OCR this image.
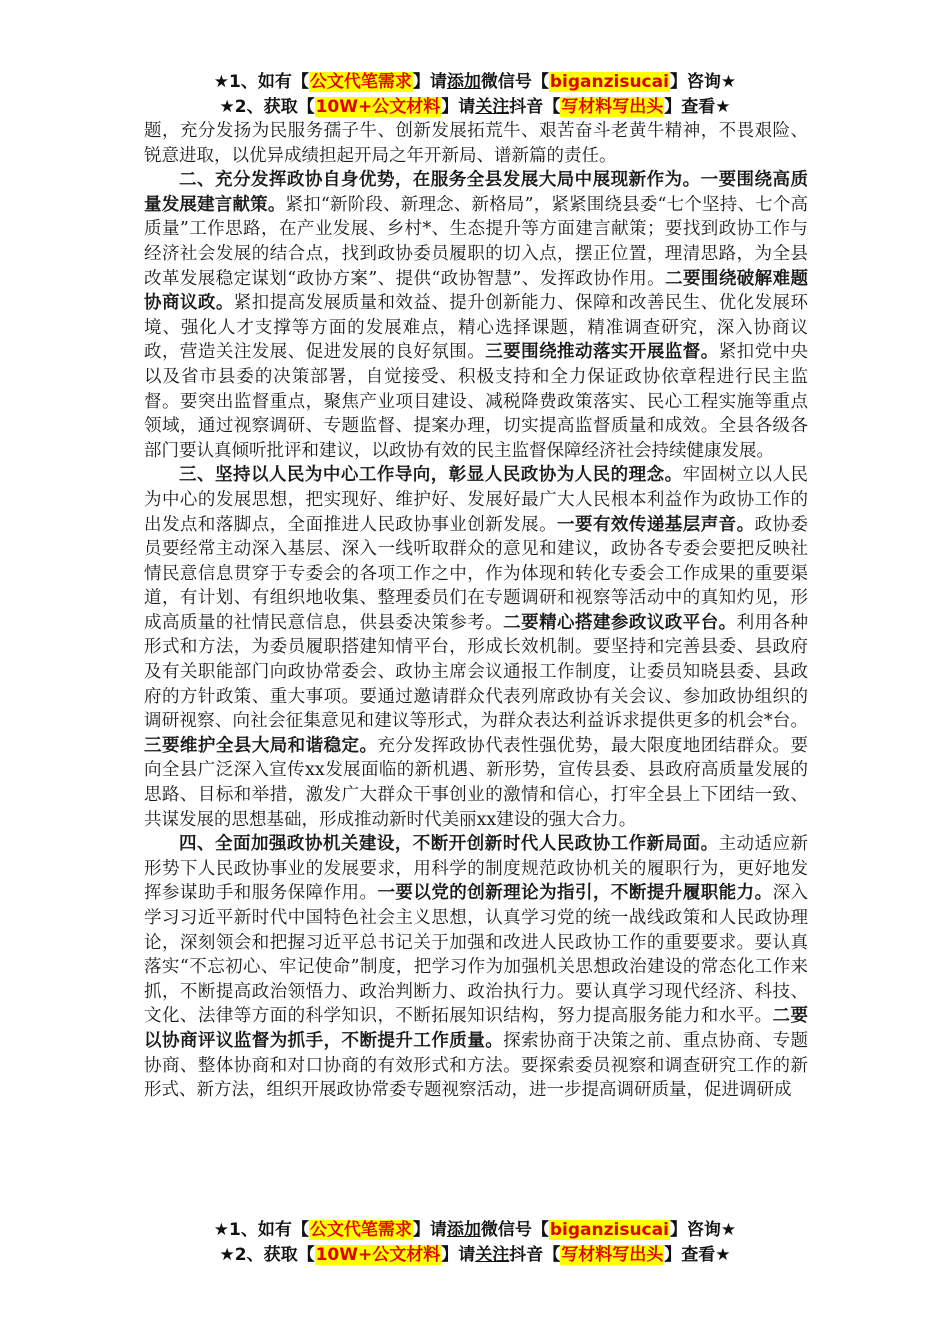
★1、如有【公文代笔需求】请添加微信号【biganzisucai】咨询★
★2、获取【10W+公文材料】请关注抖音【写材料写出头】查看★

题，充分发扬为民服务孺子牛、创新发展拓荒牛、艰苦奋斗老黄牛精神，不畏艰险、锐意进取，以优异成绩担起开局之年开新局、谱新篇的责任。

二、充分发挥政协自身优势，在服务全县发展大局中展现新作为。一要围绕高质量发展建言献策。紧扣“新阶段、新理念、新格局”，紧紧围绕县委“七个坚持、七个高质量”工作思路，在产业发展、乡村*、生态提升等方面建言献策；要找到政协工作与经济社会发展的结合点，找到政协委员履职的切入点，摆正位置，理清思路，为全县改革发展稳定谋划“政协方案”、提供“政协智慧”、发挥政协作用。二要围绕破解难题协商议政。紧扣提高发展质量和效益、提升创新能力、保障和改善民生、优化发展环境、强化人才支撑等方面的发展难点，精心选择课题，精准调查研究，深入协商议政，营造关注发展、促进发展的良好氛围。三要围绕推动落实开展监督。紧扣党中央以及省市县委的决策部署，自觉接受、积极支持和全力保证政协依章程进行民主监督。要突出监督重点，聚焦产业项目建设、减税降费政策落实、民心工程实施等重点领域，通过视察调研、专题监督、提案办理，切实提高监督质量和成效。全县各级各部门要认真倾听批评和建议，以政协有效的民主监督保障经济社会持续健康发展。

三、坚持以人民为中心工作导向，彰显人民政协为人民的理念。牢固树立以人民为中心的发展思想，把实现好、维护好、发展好最广大人民根本利益作为政协工作的出发点和落脚点，全面推进人民政协事业创新发展。一要有效传递基层声音。政协委员要经常主动深入基层、深入一线听取群众的意见和建议，政协各专委会要把反映社情民意信息贯穿于专委会的各项工作之中，作为体现和转化专委会工作成果的重要渠道，有计划、有组织地收集、整理委员们在专题调研和视察等活动中的真知灼见，形成高质量的社情民意信息，供县委决策参考。二要精心搭建参政议政平台。利用各种形式和方法，为委员履职搭建知情平台，形成长效机制。要坚持和完善县委、县政府及有关职能部门向政协常委会、政协主席会议通报工作制度，让委员知晓县委、县政府的方针政策、重大事项。要通过邀请群众代表列席政协有关会议、参加政协组织的调研视察、向社会征集意见和建议等形式，为群众表达利益诉求提供更多的机会*台。三要维护全县大局和谐稳定。充分发挥政协代表性强优势，最大限度地团结群众。要向全县广泛深入宣传xx发展面临的新机遇、新形势，宣传县委、县政府高质量发展的思路、目标和举措，激发广大群众干事创业的激情和信心，打牢全县上下团结一致、共谋发展的思想基础，形成推动新时代美丽xx建设的强大合力。

四、全面加强政协机关建设，不断开创新时代人民政协工作新局面。主动适应新形势下人民政协事业的发展要求，用科学的制度规范政协机关的履职行为，更好地发挥参谋助手和服务保障作用。一要以党的创新理论为指引，不断提升履职能力。深入学习习近平新时代中国特色社会主义思想，认真学习党的统一战线政策和人民政协理论，深刻领会和把握习近平总书记关于加强和改进人民政协工作的重要要求。要认真落实“不忘初心、牢记使命”制度，把学习作为加强机关思想政治建设的常态化工作来抓，不断提高政治领悟力、政治判断力、政治执行力。要认真学习现代经济、科技、文化、法律等方面的科学知识，不断拓展知识结构，努力提高服务能力和水平。二要以协商评议监督为抓手，不断提升工作质量。探索协商于决策之前、重点协商、专题协商、整体协商和对口协商的有效形式和方法。要探索委员视察和调查研究工作的新形式、新方法，组织开展政协常委专题视察活动，进一步提高调研质量，促进调研成

★1、如有【公文代笔需求】请添加微信号【biganzisucai】咨询★
★2、获取【10W+公文材料】请关注抖音【写材料写出头】查看★
